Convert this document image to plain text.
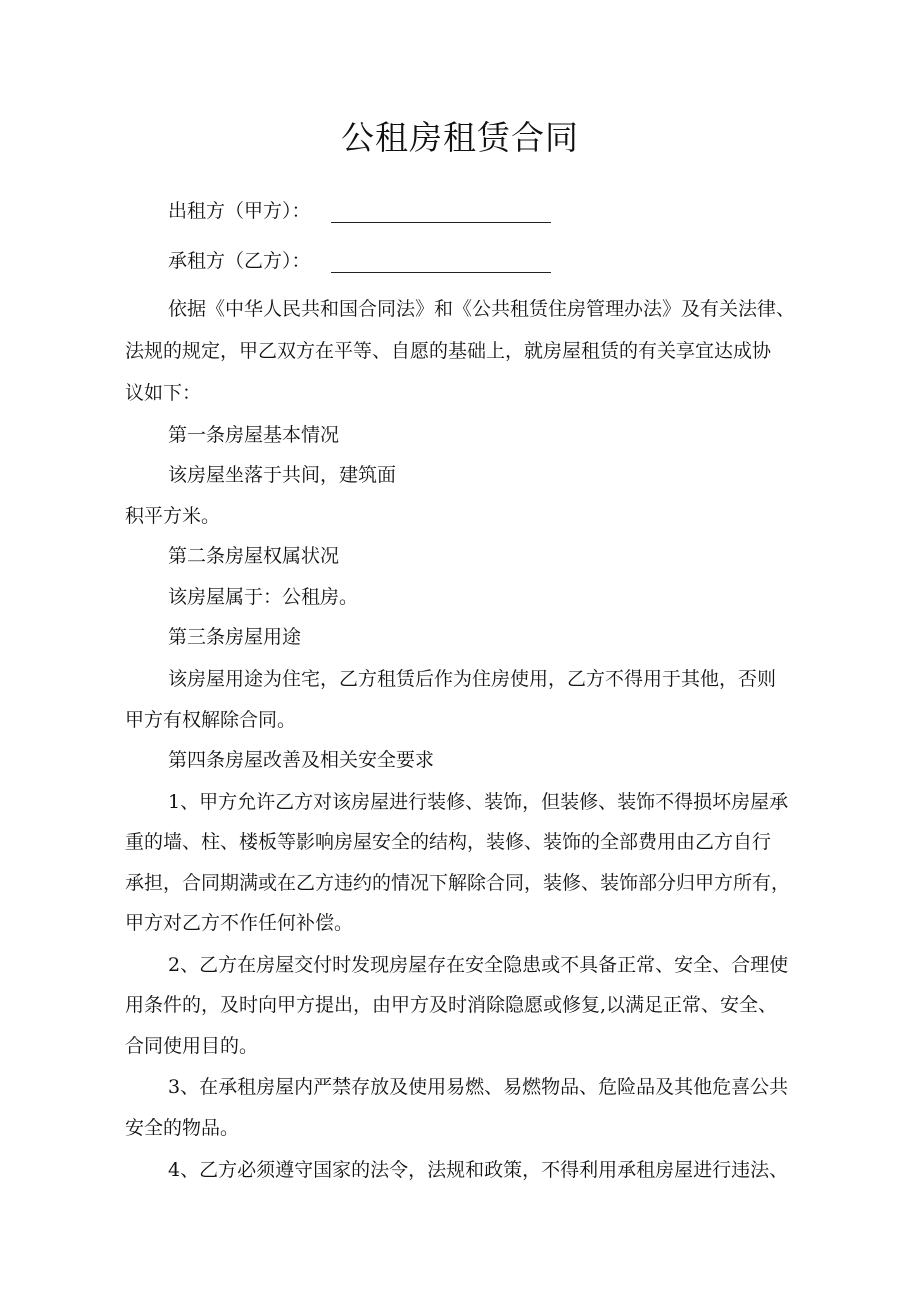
公租房租赁合同
出租方（甲方）：
承租方（乙方）：
依据《中华人民共和国合同法》和《公共租赁住房管理办法》及有关法律、
法规的规定，甲乙双方在平等、自愿的基础上，就房屋租赁的有关享宜达成协
议如下：
第一条房屋基本情况
该房屋坐落于共间，建筑面
积平方米。
第二条房屋权属状况
该房屋属于：公租房。
第三条房屋用途
该房屋用途为住宅，乙方租赁后作为住房使用，乙方不得用于其他，否则
甲方有权解除合同。
第四条房屋改善及相关安全要求
1、甲方允许乙方对该房屋进行装修、装饰，但装修、装饰不得损坏房屋承
重的墙、柱、楼板等影响房屋安全的结构，装修、装饰的全部费用由乙方自行
承担，合同期满或在乙方违约的情况下解除合同，装修、装饰部分归甲方所有，
甲方对乙方不作任何补偿。
2、乙方在房屋交付时发现房屋存在安全隐患或不具备正常、安全、合理使
用条件的，及时向甲方提出，由甲方及时消除隐愿或修复,以满足正常、安全、
合同使用目的。
3、在承租房屋内严禁存放及使用易燃、易燃物品、危险品及其他危喜公共
安全的物品。
4、乙方必须遵守国家的法令，法规和政策，不得利用承租房屋进行违法、
